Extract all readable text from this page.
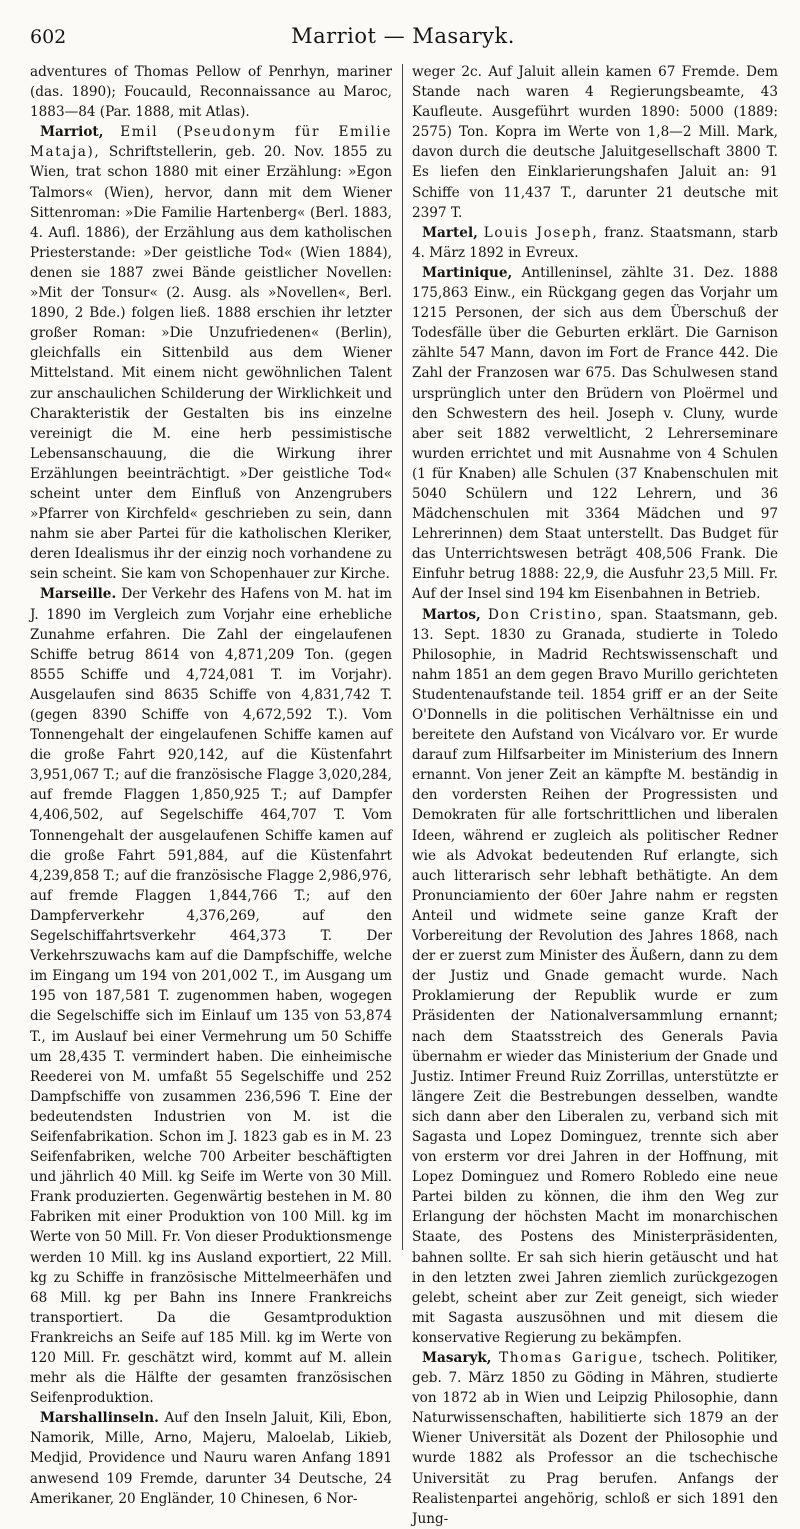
602	Marriot — Masaryk.

adventures of Thomas Pellow of Penrhyn, mariner (das. 1890); Foucauld, Reconnaissance au Maroc, 1883—84 (Par. 1888, mit Atlas).

Marriot, Emil (Pseudonym für Emilie Mataja), Schriftstellerin, geb. 20. Nov. 1855 zu Wien, trat schon 1880 mit einer Erzählung: »Egon Talmors« (Wien), hervor, dann mit dem Wiener Sittenroman: »Die Familie Hartenberg« (Berl. 1883, 4. Aufl. 1886), der Erzählung aus dem katholischen Priesterstande: »Der geistliche Tod« (Wien 1884), denen sie 1887 zwei Bände geistlicher Novellen: »Mit der Tonsur« (2. Ausg. als »Novellen«, Berl. 1890, 2 Bde.) folgen ließ. 1888 erschien ihr letzter großer Roman: »Die Unzufriedenen« (Berlin), gleichfalls ein Sittenbild aus dem Wiener Mittelstand. Mit einem nicht gewöhnlichen Talent zur anschaulichen Schilderung der Wirklichkeit und Charakteristik der Gestalten bis ins einzelne vereinigt die M. eine herb pessimistische Lebensanschauung, die die Wirkung ihrer Erzählungen beeinträchtigt. »Der geistliche Tod« scheint unter dem Einfluß von Anzengrubers »Pfarrer von Kirchfeld« geschrieben zu sein, dann nahm sie aber Partei für die katholischen Kleriker, deren Idealismus ihr der einzig noch vorhandene zu sein scheint. Sie kam von Schopenhauer zur Kirche.

Marseille. Der Verkehr des Hafens von M. hat im J. 1890 im Vergleich zum Vorjahr eine erhebliche Zunahme erfahren. Die Zahl der eingelaufenen Schiffe betrug 8614 von 4,871,209 Ton. (gegen 8555 Schiffe und 4,724,081 T. im Vorjahr). Ausgelaufen sind 8635 Schiffe von 4,831,742 T. (gegen 8390 Schiffe von 4,672,592 T.). Vom Tonnengehalt der eingelaufenen Schiffe kamen auf die große Fahrt 920,142, auf die Küstenfahrt 3,951,067 T.; auf die französische Flagge 3,020,284, auf fremde Flaggen 1,850,925 T.; auf Dampfer 4,406,502, auf Segelschiffe 464,707 T. Vom Tonnengehalt der ausgelaufenen Schiffe kamen auf die große Fahrt 591,884, auf die Küstenfahrt 4,239,858 T.; auf die französische Flagge 2,986,976, auf fremde Flaggen 1,844,766 T.; auf den Dampferverkehr 4,376,269, auf den Segelschiffahrtsverkehr 464,373 T. Der Verkehrszuwachs kam auf die Dampfschiffe, welche im Eingang um 194 von 201,002 T., im Ausgang um 195 von 187,581 T. zugenommen haben, wogegen die Segelschiffe sich im Einlauf um 135 von 53,874 T., im Auslauf bei einer Vermehrung um 50 Schiffe um 28,435 T. vermindert haben. Die einheimische Reederei von M. umfaßt 55 Segelschiffe und 252 Dampfschiffe von zusammen 236,596 T. Eine der bedeutendsten Industrien von M. ist die Seifenfabrikation. Schon im J. 1823 gab es in M. 23 Seifenfabriken, welche 700 Arbeiter beschäftigten und jährlich 40 Mill. kg Seife im Werte von 30 Mill. Frank produzierten. Gegenwärtig bestehen in M. 80 Fabriken mit einer Produktion von 100 Mill. kg im Werte von 50 Mill. Fr. Von dieser Produktionsmenge werden 10 Mill. kg ins Ausland exportiert, 22 Mill. kg zu Schiffe in französische Mittelmeerhäfen und 68 Mill. kg per Bahn ins Innere Frankreichs transportiert. Da die Gesamtproduktion Frankreichs an Seife auf 185 Mill. kg im Werte von 120 Mill. Fr. geschätzt wird, kommt auf M. allein mehr als die Hälfte der gesamten französischen Seifenproduktion.

Marshallinseln. Auf den Inseln Jaluit, Kili, Ebon, Namorik, Mille, Arno, Majeru, Maloelab, Likieb, Medjid, Providence und Nauru waren Anfang 1891 anwesend 109 Fremde, darunter 34 Deutsche, 24 Amerikaner, 20 Engländer, 10 Chinesen, 6 Nor-

weger 2c. Auf Jaluit allein kamen 67 Fremde. Dem Stande nach waren 4 Regierungsbeamte, 43 Kaufleute. Ausgeführt wurden 1890: 5000 (1889: 2575) Ton. Kopra im Werte von 1,8—2 Mill. Mark, davon durch die deutsche Jaluitgesellschaft 3800 T. Es liefen den Einklarierungshafen Jaluit an: 91 Schiffe von 11,437 T., darunter 21 deutsche mit 2397 T.

Martel, Louis Joseph, franz. Staatsmann, starb 4. März 1892 in Evreux.

Martinique, Antilleninsel, zählte 31. Dez. 1888 175,863 Einw., ein Rückgang gegen das Vorjahr um 1215 Personen, der sich aus dem Überschuß der Todesfälle über die Geburten erklärt. Die Garnison zählte 547 Mann, davon im Fort de France 442. Die Zahl der Franzosen war 675. Das Schulwesen stand ursprünglich unter den Brüdern von Ploërmel und den Schwestern des heil. Joseph v. Cluny, wurde aber seit 1882 verweltlicht, 2 Lehrerseminare wurden errichtet und mit Ausnahme von 4 Schulen (1 für Knaben) alle Schulen (37 Knabenschulen mit 5040 Schülern und 122 Lehrern, und 36 Mädchenschulen mit 3364 Mädchen und 97 Lehrerinnen) dem Staat unterstellt. Das Budget für das Unterrichtswesen beträgt 408,506 Frank. Die Einfuhr betrug 1888: 22,9, die Ausfuhr 23,5 Mill. Fr. Auf der Insel sind 194 km Eisenbahnen in Betrieb.

Martos, Don Cristino, span. Staatsmann, geb. 13. Sept. 1830 zu Granada, studierte in Toledo Philosophie, in Madrid Rechtswissenschaft und nahm 1851 an dem gegen Bravo Murillo gerichteten Studentenaufstande teil. 1854 griff er an der Seite O'Donnells in die politischen Verhältnisse ein und bereitete den Aufstand von Vicálvaro vor. Er wurde darauf zum Hilfsarbeiter im Ministerium des Innern ernannt. Von jener Zeit an kämpfte M. beständig in den vordersten Reihen der Progressisten und Demokraten für alle fortschrittlichen und liberalen Ideen, während er zugleich als politischer Redner wie als Advokat bedeutenden Ruf erlangte, sich auch litterarisch sehr lebhaft bethätigte. An dem Pronunciamiento der 60er Jahre nahm er regsten Anteil und widmete seine ganze Kraft der Vorbereitung der Revolution des Jahres 1868, nach der er zuerst zum Minister des Äußern, dann zu dem der Justiz und Gnade gemacht wurde. Nach Proklamierung der Republik wurde er zum Präsidenten der Nationalversammlung ernannt; nach dem Staatsstreich des Generals Pavia übernahm er wieder das Ministerium der Gnade und Justiz. Intimer Freund Ruiz Zorrillas, unterstützte er längere Zeit die Bestrebungen desselben, wandte sich dann aber den Liberalen zu, verband sich mit Sagasta und Lopez Dominguez, trennte sich aber von ersterm vor drei Jahren in der Hoffnung, mit Lopez Dominguez und Romero Robledo eine neue Partei bilden zu können, die ihm den Weg zur Erlangung der höchsten Macht im monarchischen Staate, des Postens des Ministerpräsidenten, bahnen sollte. Er sah sich hierin getäuscht und hat in den letzten zwei Jahren ziemlich zurückgezogen gelebt, scheint aber zur Zeit geneigt, sich wieder mit Sagasta auszusöhnen und mit diesem die konservative Regierung zu bekämpfen.

Masaryk, Thomas Garigue, tschech. Politiker, geb. 7. März 1850 zu Göding in Mähren, studierte von 1872 ab in Wien und Leipzig Philosophie, dann Naturwissenschaften, habilitierte sich 1879 an der Wiener Universität als Dozent der Philosophie und wurde 1882 als Professor an die tschechische Universität zu Prag berufen. Anfangs der Realistenpartei angehörig, schloß er sich 1891 den Jung-
